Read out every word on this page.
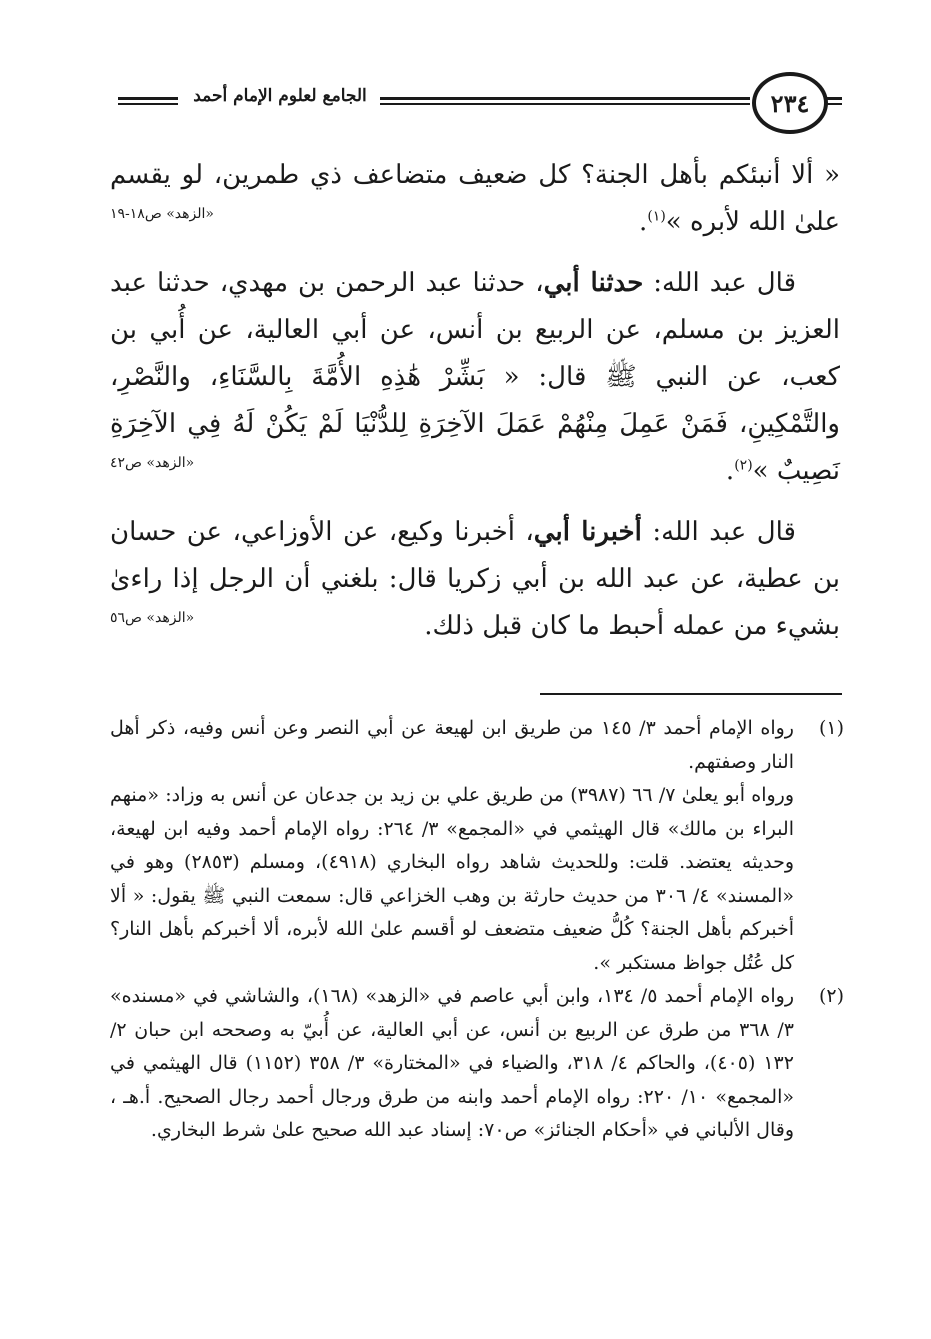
الجامع لعلوم الإمام أحمد	٢٣٤

« ألا أنبئكم بأهل الجنة؟ كل ضعيف متضاعف ذي طمرين، لو يقسم علىٰ الله لأبره »$^{(١)}$.
«الزهد» ص١٨-١٩

قال عبد الله: حدثنا أبي، حدثنا عبد الرحمن بن مهدي، حدثنا عبد العزيز بن مسلم، عن الربيع بن أنس، عن أبي العالية، عن أُبي بن كعب، عن النبي ﷺ قال: « بَشِّرْ هَٰذِهِ الأُمَّةَ بِالسَّنَاءِ، والنَّصْرِ، والتَّمْكِينِ، فَمَنْ عَمِلَ مِنْهُمْ عَمَلَ الآخِرَةِ لِلدُّنْيَا لَمْ يَكُنْ لَهُ فِي الآخِرَةِ نَصِيبٌ »$^{(٢)}$.
«الزهد» ص٤٢

قال عبد الله: أخبرنا أبي، أخبرنا وكيع، عن الأوزاعي، عن حسان بن عطية، عن عبد الله بن أبي زكريا قال: بلغني أن الرجل إذا راءىٰ بشيء من عمله أحبط ما كان قبل ذلك.
«الزهد» ص٥٦

(١)

رواه الإمام أحمد ٣/ ١٤٥ من طريق ابن لهيعة عن أبي النصر وعن أنس وفيه، ذكر أهل النار وصفتهم.

ورواه أبو يعلىٰ ٧/ ٦٦ (٣٩٨٧) من طريق علي بن زيد بن جدعان عن أنس به وزاد: «منهم البراء بن مالك» قال الهيثمي في «المجمع» ٣/ ٢٦٤: رواه الإمام أحمد وفيه ابن لهيعة، وحديثه يعتضد. قلت: وللحديث شاهد رواه البخاري (٤٩١٨)، ومسلم (٢٨٥٣) وهو في «المسند» ٤/ ٣٠٦ من حديث حارثة بن وهب الخزاعي قال: سمعت النبي ﷺ يقول: « ألا أخبركم بأهل الجنة؟ كُلُّ ضعيف متضعف لو أقسم علىٰ الله لأبره، ألا أخبركم بأهل النار؟ كل عُتُل جواظ مستكبر ».

(٢)

رواه الإمام أحمد ٥/ ١٣٤، وابن أبي عاصم في «الزهد» (١٦٨)، والشاشي في «مسنده» ٣/ ٣٦٨ من طرق عن الربيع بن أنس، عن أبي العالية، عن أُبيّ به وصححه ابن حبان ٢/ ١٣٢ (٤٠٥)، والحاكم ٤/ ٣١٨، والضياء في «المختارة» ٣/ ٣٥٨ (١١٥٢) قال الهيثمي في «المجمع» ١٠/ ٢٢٠: رواه الإمام أحمد وابنه من طرق ورجال أحمد رجال الصحيح. أ.هـ ، وقال الألباني في «أحكام الجنائز» ص٧٠: إسناد عبد الله صحيح علىٰ شرط البخاري.
